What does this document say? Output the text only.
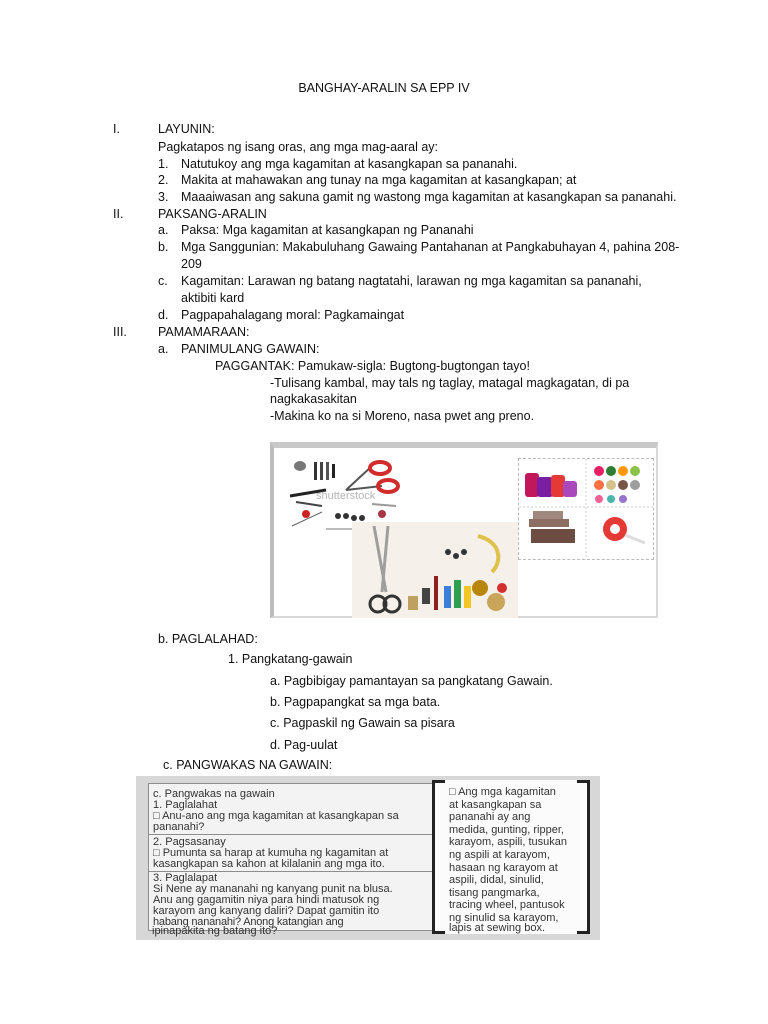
BANGHAY-ARALIN SA EPP IV
I.	LAYUNIN:
Pagkatapos ng isang oras, ang mga mag-aaral ay:
1. Natutukoy ang mga kagamitan at kasangkapan sa pananahi.
2. Makita at mahawakan ang tunay na mga kagamitan at kasangkapan; at
3. Maaaiwasan ang sakuna gamit ng wastong mga kagamitan at kasangkapan sa pananahi.
II.	PAKSANG-ARALIN
a. Paksa: Mga kagamitan at kasangkapan ng Pananahi
b. Mga Sanggunian: Makabuluhang Gawaing Pantahanan at Pangkabuhayan 4, pahina 208-
209
c. Kagamitan: Larawan ng batang nagtatahi, larawan ng mga kagamitan sa pananahi,
aktibiti kard
d. Pagpapahalagang moral: Pagkamaingat
III. PAMAMARAAN:
a. PANIMULANG GAWAIN:
PAGGANTAK: Pamukaw-sigla: Bugtong-bugtongan tayo!
-Tulisang kambal, may tals ng taglay, matagal magkagatan, di pa
nagkakasakitan
-Makina ko na si Moreno, nasa pwet ang preno.
shutterstock
b. PAGLALAHAD:
1. Pangkatang-gawain
a. Pagbibigay pamantayan sa pangkatang Gawain.
b. Pagpapangkat sa mga bata.
c. Pagpaskil ng Gawain sa pisara
d. Pag-uulat
c. PANGWAKAS NA GAWAIN:
c. Pangwakas na gawain
1. Paglalahat
□ Anu-ano ang mga kagamitan at kasangkapan sa
pananahi?
2. Pagsasanay
□ Pumunta sa harap at kumuha ng kagamitan at
kasangkapan sa kahon at kilalanin ang mga ito.
3. Paglalapat
Si Nene ay mananahi ng kanyang punit na blusa.
Anu ang gagamitin niya para hindi matusok ng
karayom ang kanyang daliri? Dapat gamitin ito
habang nananahi? Anong katangian ang
ipinapakita ng batang ito?
□ Ang mga kagamitan
at kasangkapan sa
pananahi ay ang
medida, gunting, ripper,
karayom, aspili, tusukan
ng aspili at karayom,
hasaan ng karayom at
aspili, didal, sinulid,
tisang pangmarka,
tracing wheel, pantusok
ng sinulid sa karayom,
lapis at sewing box.
